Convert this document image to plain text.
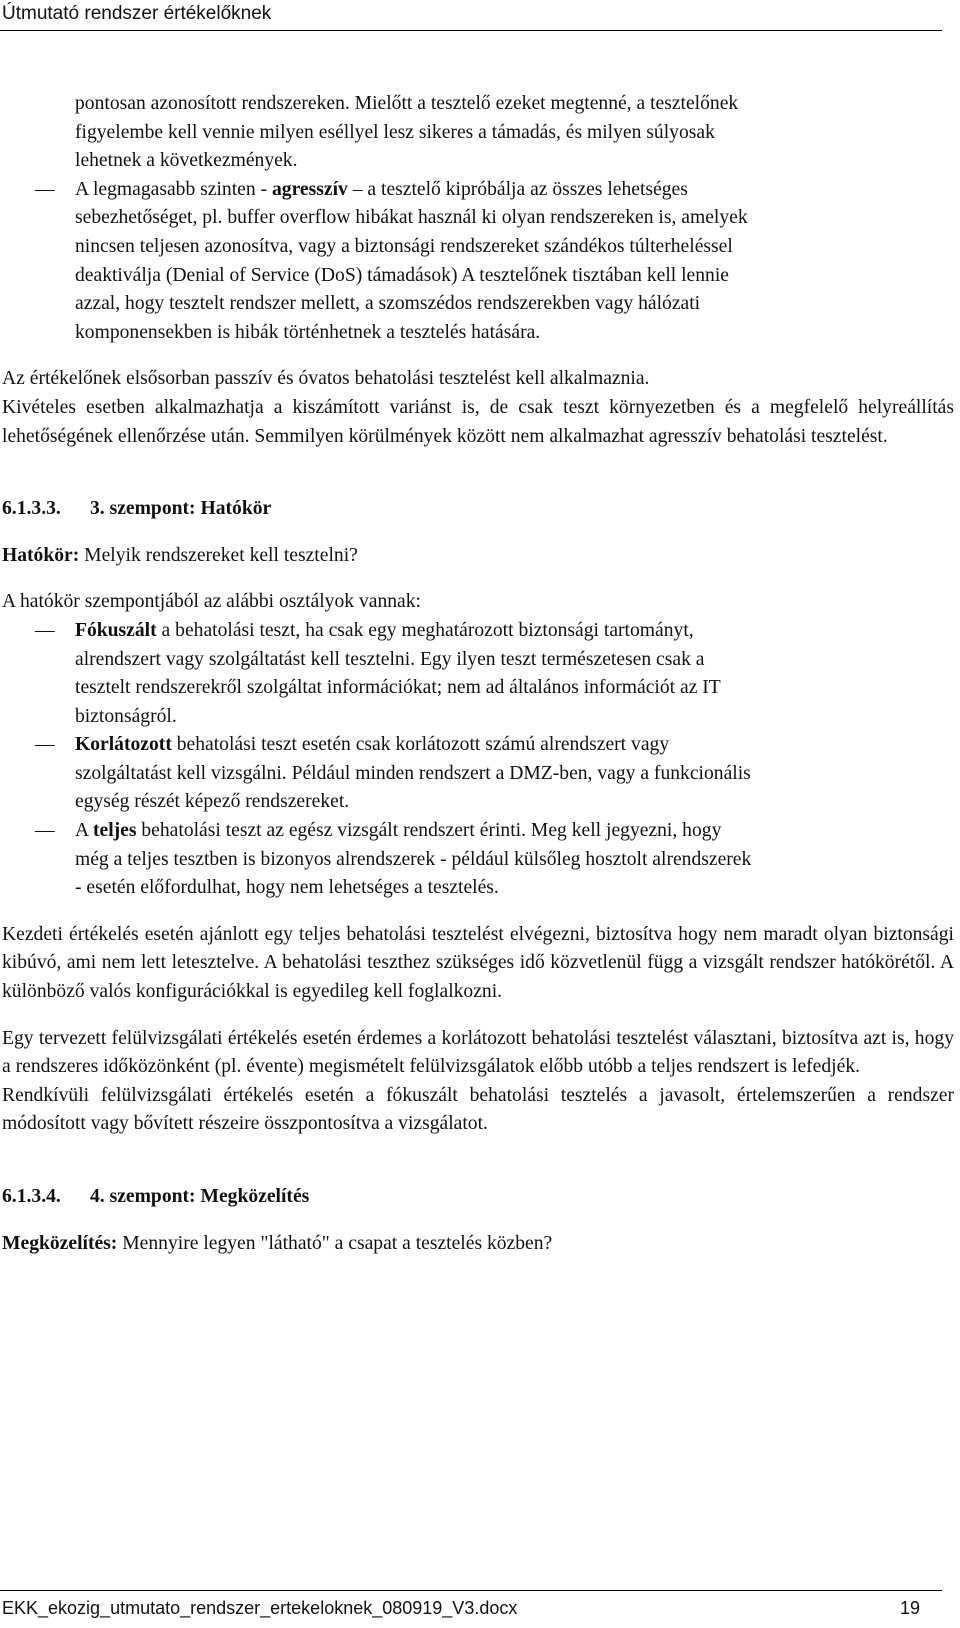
Útmutató rendszer értékelőknek

pontosan azonosított rendszereken. Mielőtt a tesztelő ezeket megtenné, a tesztelőnek

figyelembe kell vennie milyen eséllyel lesz sikeres a támadás, és milyen súlyosak

lehetnek a következmények.

— A legmagasabb szinten - agresszív – a tesztelő kipróbálja az összes lehetséges

sebezhetőséget, pl. buffer overflow hibákat használ ki olyan rendszereken is, amelyek

nincsen teljesen azonosítva, vagy a biztonsági rendszereket szándékos túlterheléssel

deaktiválja (Denial of Service (DoS) támadások) A tesztelőnek tisztában kell lennie

azzal, hogy tesztelt rendszer mellett, a szomszédos rendszerekben vagy hálózati

komponensekben is hibák történhetnek a tesztelés hatására.

Az értékelőnek elsősorban passzív és óvatos behatolási tesztelést kell alkalmaznia.

Kivételes esetben alkalmazhatja a kiszámított variánst is, de csak teszt környezetben és a megfelelő helyreállítás lehetőségének ellenőrzése után. Semmilyen körülmények között nem alkalmazhat agresszív behatolási tesztelést.

6.1.3.3. 3. szempont: Hatókör

Hatókör: Melyik rendszereket kell tesztelni?

A hatókör szempontjából az alábbi osztályok vannak:

— Fókuszált a behatolási teszt, ha csak egy meghatározott biztonsági tartományt,

alrendszert vagy szolgáltatást kell tesztelni. Egy ilyen teszt természetesen csak a

tesztelt rendszerekről szolgáltat információkat; nem ad általános információt az IT

biztonságról.

— Korlátozott behatolási teszt esetén csak korlátozott számú alrendszert vagy

szolgáltatást kell vizsgálni. Például minden rendszert a DMZ-ben, vagy a funkcionális

egység részét képező rendszereket.

— A teljes behatolási teszt az egész vizsgált rendszert érinti. Meg kell jegyezni, hogy

még a teljes tesztben is bizonyos alrendszerek - például külsőleg hosztolt alrendszerek

- esetén előfordulhat, hogy nem lehetséges a tesztelés.

Kezdeti értékelés esetén ajánlott egy teljes behatolási tesztelést elvégezni, biztosítva hogy nem maradt olyan biztonsági kibúvó, ami nem lett letesztelve. A behatolási teszthez szükséges idő közvetlenül függ a vizsgált rendszer hatókörétől. A különböző valós konfigurációkkal is egyedileg kell foglalkozni.

Egy tervezett felülvizsgálati értékelés esetén érdemes a korlátozott behatolási tesztelést választani, biztosítva azt is, hogy a rendszeres időközönként (pl. évente) megismételt felülvizsgálatok előbb utóbb a teljes rendszert is lefedjék.

Rendkívüli felülvizsgálati értékelés esetén a fókuszált behatolási tesztelés a javasolt, értelemszerűen a rendszer módosított vagy bővített részeire összpontosítva a vizsgálatot.

6.1.3.4. 4. szempont: Megközelítés

Megközelítés: Mennyire legyen "látható" a csapat a tesztelés közben?

EKK_ekozig_utmutato_rendszer_ertekeloknek_080919_V3.docx	19
